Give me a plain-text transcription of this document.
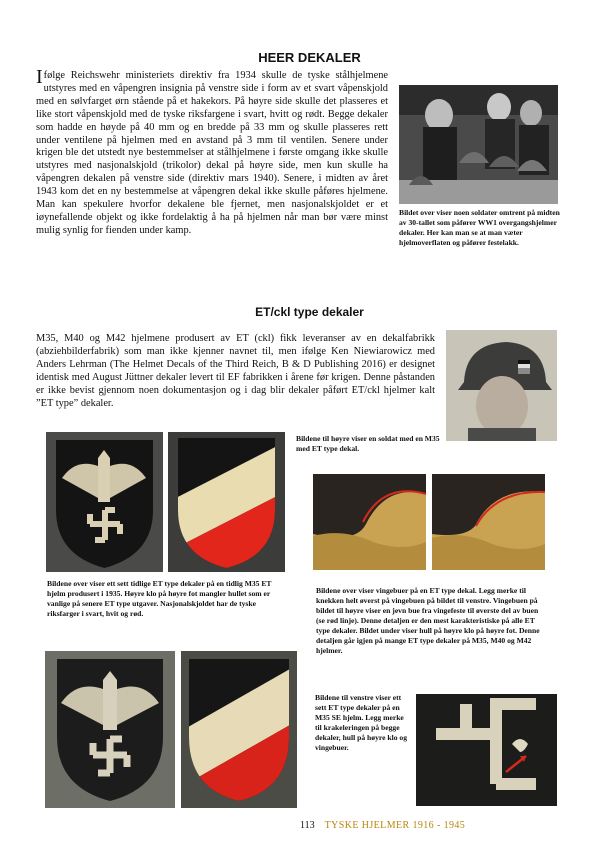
HEER DEKALER
Ifølge Reichswehr ministeriets direktiv fra 1934 skulle de tyske stålhjelmene utstyres med en våpengren insignia på venstre side i form av et svart våpenskjold med en sølvfarget ørn stående på et hakekors. På høyre side skulle det plasseres et like stort våpenskjold med de tyske riksfargene i svart, hvitt og rødt. Begge dekaler som hadde en høyde på 40 mm og en bredde på 33 mm og skulle plasseres rett under ventilene på hjelmen med en avstand på 3 mm til ventilen. Senere under krigen ble det utstedt nye bestemmelser at stålhjelmene i første omgang ikke skulle utstyres med nasjonalskjold (trikolor) dekal på høyre side, men kun skulle ha våpengren dekalen på venstre side (direktiv mars 1940). Senere, i midten av året 1943 kom det en ny bestemmelse at våpengren dekal ikke skulle påføres hjelmene. Man kan spekulere hvorfor dekalene ble fjernet, men nasjonalskjoldet er et iøynefallende objekt og ikke fordelaktig å ha på hjelmen når man bør være minst mulig synlig for fienden under kamp.
Bildet over viser noen soldater omtrent på midten av 30-tallet som påfører WW1 overgangshjelmer dekaler. Her kan man se at man væter hjelmoverflaten og påfører festelakk.
ET/ckl type dekaler
M35, M40 og M42 hjelmene produsert av ET (ckl) fikk leveranser av en dekalfabrikk (abziehbilderfabrik) som man ikke kjenner navnet til, men ifølge Ken Niewiarowicz med Anders Lehrman (The Helmet Decals of the Third Reich, B & D Publishing 2016) er designet identisk med August Jüttner dekaler levert til EF fabrikken i årene før krigen. Denne påstanden er ikke bevist gjennom noen dokumentasjon og i dag blir dekaler påført ET/ckl hjelmer kalt ”ET type” dekaler.
Bildene til høyre viser en soldat med en M35 med ET type dekal.
Bildene over viser ett sett tidlige ET type dekaler på en tidlig M35 ET hjelm produsert i 1935. Høyre klo på høyre fot mangler hullet som er vanlige på senere ET type utgaver. Nasjonalskjoldet har de tyske riksfarger i svart, hvit og rød.
Bildene over viser vingebuer på en ET type dekal. Legg merke til knekken helt øverst på vingebuen på bildet til venstre. Vingebuen på bildet til høyre viser en jevn bue fra vingefeste til øverste del av buen (se rød linje). Denne detaljen er den mest karakteristiske på alle ET type dekaler. Bildet under viser hull på høyre klo på høyre fot. Denne detaljen går igjen på mange ET type dekaler på M35, M40 og M42 hjelmer.
Bildene til venstre viser ett sett ET type dekaler på en M35 SE hjelm. Legg merke til krakeleringen på begge dekaler, hull på høyre klo og vingebuer.
113 TYSKE HJELMER 1916 - 1945
